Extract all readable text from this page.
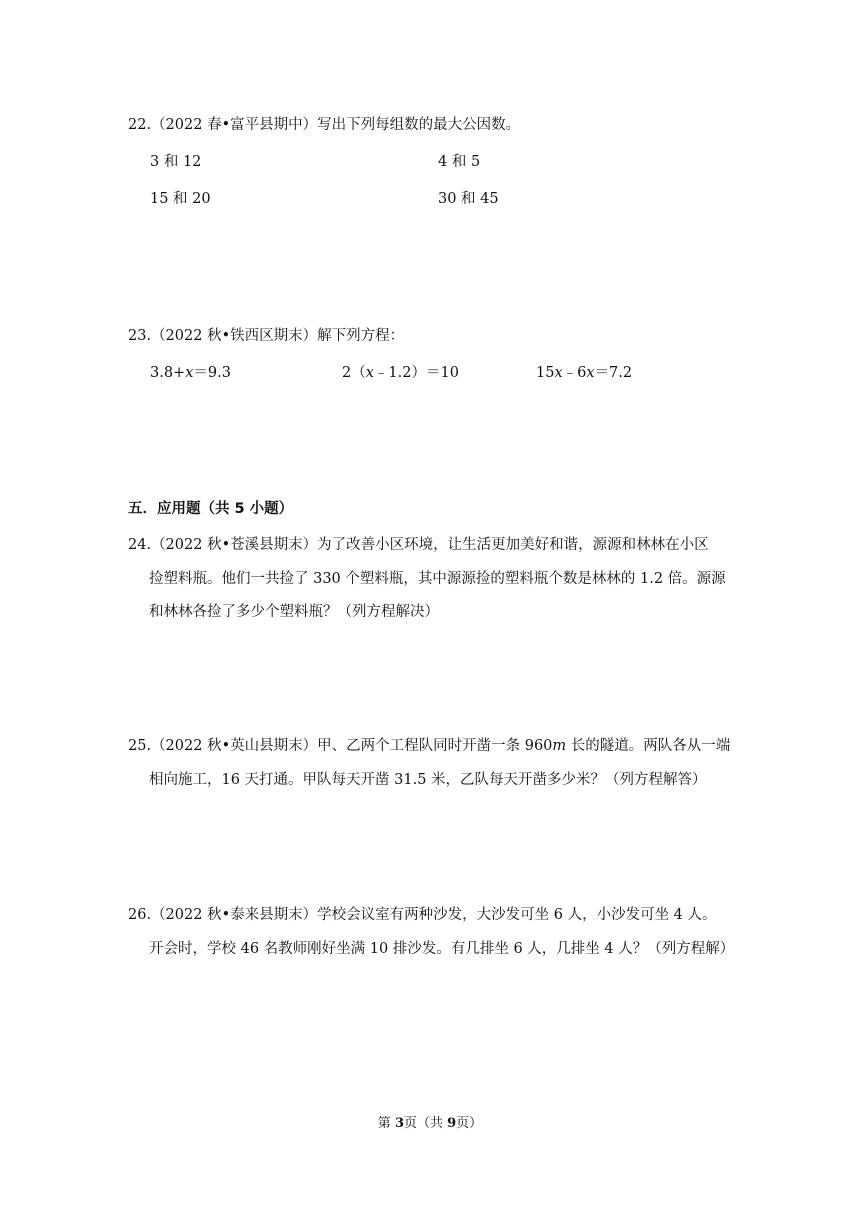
22.（2022 春•富平县期中）写出下列每组数的最大公因数。
3 和 12	4 和 5
15 和 20	30 和 45
23.（2022 秋•铁西区期末）解下列方程：
3.8+x＝9.3	2（x﹣1.2）＝10	15x﹣6x＝7.2
五．应用题（共 5 小题）
24.（2022 秋•苍溪县期末）为了改善小区环境，让生活更加美好和谐，源源和林林在小区
捡塑料瓶。他们一共捡了 330 个塑料瓶，其中源源捡的塑料瓶个数是林林的 1.2 倍。源源
和林林各捡了多少个塑料瓶？（列方程解决）
25.（2022 秋•英山县期末）甲、乙两个工程队同时开凿一条 960m 长的隧道。两队各从一端
相向施工，16 天打通。甲队每天开凿 31.5 米，乙队每天开凿多少米？（列方程解答）
26.（2022 秋•泰来县期末）学校会议室有两种沙发，大沙发可坐 6 人，小沙发可坐 4 人。
开会时，学校 46 名教师刚好坐满 10 排沙发。有几排坐 6 人，几排坐 4 人？（列方程解）
第 3页（共 9页）
